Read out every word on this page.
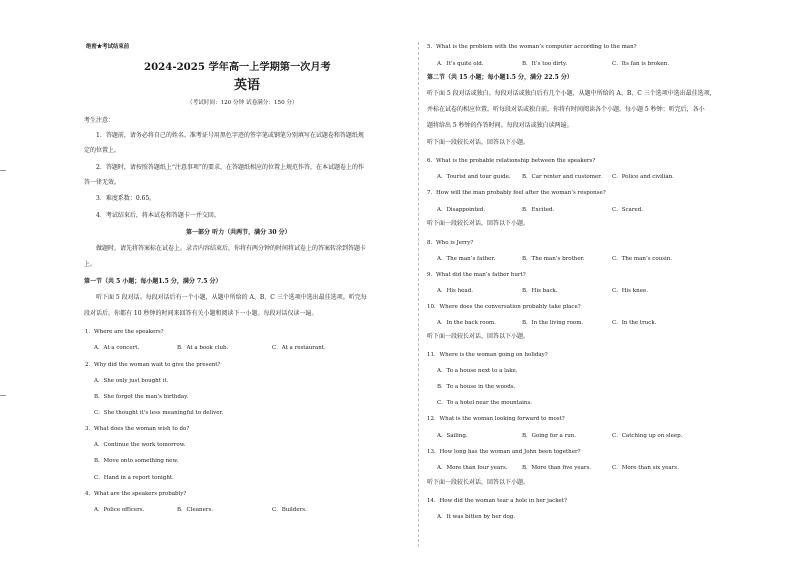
绝密★考试结束前
2024-2025 学年高一上学期第一次月考
英语
（考试时间：120 分钟 试卷满分：150 分）
考生注意：
1．答题前，请务必将自己的姓名、准考证号用黑色字迹的签字笔或钢笔分别填写在试题卷和答题纸规
定的位置上。
2．答题时，请按照答题纸上“注意事项”的要求，在答题纸相应的位置上规范作答，在本试题卷上的作
答一律无效。
3．难度系数：0.65。
4．考试结束后，将本试卷和答题卡一并交回。
第一部分 听力（共两节，满分 30 分）
做题时，请先将答案标在试卷上。录音内容结束后，你将有两分钟的时间将试卷上的答案转涂到答题卡
上。
第一节（共 5 小题；每小题1.5 分，满分 7.5 分）
听下面 5 段对话。每段对话后有一个小题，从题中所给的 A、B、C 三个选项中选出最佳选项。听完每
段对话后，你都有 10 秒钟的时间来回答有关小题和阅读下一小题。每段对话仅读一遍。
1．Where are the speakers?
A．At a concert.	B．At a book club.	C．At a restaurant.
2．Why did the woman wait to give the present?
A．She only just bought it.
B．She forgot the man’s birthday.
C．She thought it’s less meaningful to deliver.
3．What does the woman wish to do?
A．Continue the work tomorrow.
B．Move onto something new.
C．Hand in a report tonight.
4．What are the speakers probably?
A．Police officers.	B．Cleaners.	C．Builders.
5．What is the problem with the woman’s computer according to the man?
A．It’s quite old.	B．It’s too dirty.	C．Its fan is broken.
第二节（共 15 小题；每小题1.5 分，满分 22.5 分）
听下面 5 段对话或独白。每段对话或独白后有几个小题，从题中所给的 A、B、C 三个选项中选出最佳选项，
并标在试卷的相应位置。听每段对话或独白前，你将有时间阅读各个小题，每小题 5 秒钟；听完后，各小
题将给出 5 秒钟的作答时间。每段对话或独白读两遍。
听下面一段较长对话，回答以下小题。
6．What is the probable relationship between the speakers?
A．Tourist and tour guide. B．Car renter and customer. C．Police and civilian.
7．How will the man probably feel after the woman’s response?
A．Disappointed.	B．Excited.	C．Scared.
听下面一段较长对话，回答以下小题。
8．Who is Jerry?
A．The man’s father.	B．The man’s brother.	C．The man’s cousin.
9．What did the man’s father hurt?
A．His head.	B．His back.	C．His knee.
10．Where does the conversation probably take place?
A．In the back room.	B．In the living room.	C．In the truck.
听下面一段较长对话，回答以下小题。
11．Where is the woman going on holiday?
A．To a house next to a lake.
B．To a house in the woods.
C．To a hotel near the mountains.
12．What is the woman looking forward to most?
A．Sailing.	B．Going for a run.	C．Catching up on sleep.
13．How long has the woman and John been together?
A．More than four years.	B．More than five years.	C．More than six years.
听下面一段较长对话，回答以下小题。
14．How did the woman tear a hole in her jacket?
A．It was bitten by her dog.
